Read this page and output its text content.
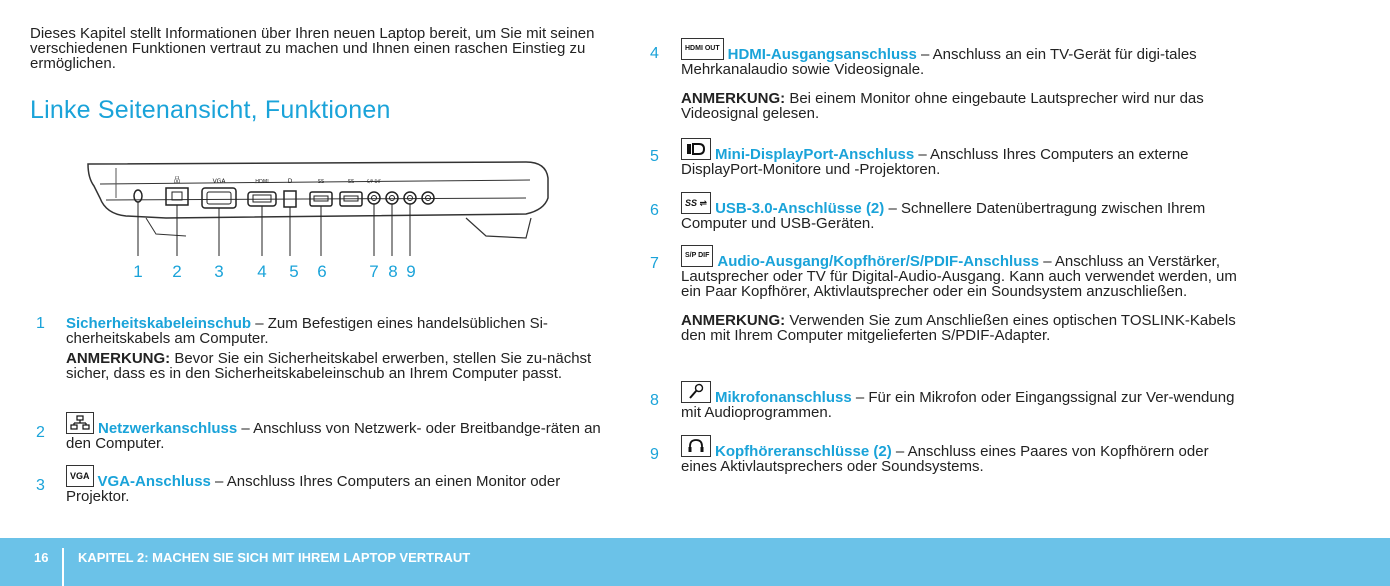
Dieses Kapitel stellt Informationen über Ihren neuen Laptop bereit, um Sie mit seinen verschiedenen Funktionen vertraut zu machen und Ihnen einen raschen Einstieg zu ermöglichen.

Linke Seitenansicht, Funktionen
品	VGA	HDMI	D	SS	SS	S/P DIF
1 2 3 4 5 6	7 8 9
1	Sicherheitskabeleinschub – Zum Befestigen eines handelsüblichen Si-cherheitskabels am Computer.
ANMERKUNG: Bevor Sie ein Sicherheitskabel erwerben, stellen Sie zu-nächst sicher, dass es in den Sicherheitskabeleinschub an Ihrem Computer passt.
2	Netzwerkanschluss – Anschluss von Netzwerk- oder Breitbandge-räten an den Computer.
3
VGA VGA-Anschluss – Anschluss Ihres Computers an einen Monitor oder Projektor.
4	HDMI OUT HDMI-Ausgangsanschluss – Anschluss an ein TV-Gerät für digi-tales Mehrkanalaudio sowie Videosignale.
ANMERKUNG: Bei einem Monitor ohne eingebaute Lautsprecher wird nur das Videosignal gelesen.
5	Mini-DisplayPort-Anschluss – Anschluss Ihres Computers an externe DisplayPort-Monitore und -Projektoren.
6	SS ⇌ USB-3.0-Anschlüsse (2) – Schnellere Datenübertragung zwischen Ihrem Computer und USB-Geräten.
7	S/P DIF Audio-Ausgang/Kopfhörer/S/PDIF-Anschluss – Anschluss an Verstärker, Lautsprecher oder TV für Digital-Audio-Ausgang. Kann auch verwendet werden, um ein Paar Kopfhörer, Aktivlautsprecher oder ein Soundsystem anzuschließen.
ANMERKUNG: Verwenden Sie zum Anschließen eines optischen TOSLINK-Kabels den mit Ihrem Computer mitgelieferten S/PDIF-Adapter.
8	Mikrofonanschluss – Für ein Mikrofon oder Eingangssignal zur Ver-wendung mit Audioprogrammen.
9	Kopfhöreranschlüsse (2) – Anschluss eines Paares von Kopfhörern oder eines Aktivlautsprechers oder Soundsystems.
16 KAPITEL 2: MACHEN SIE SICH MIT IHREM LAPTOP VERTRAUT
